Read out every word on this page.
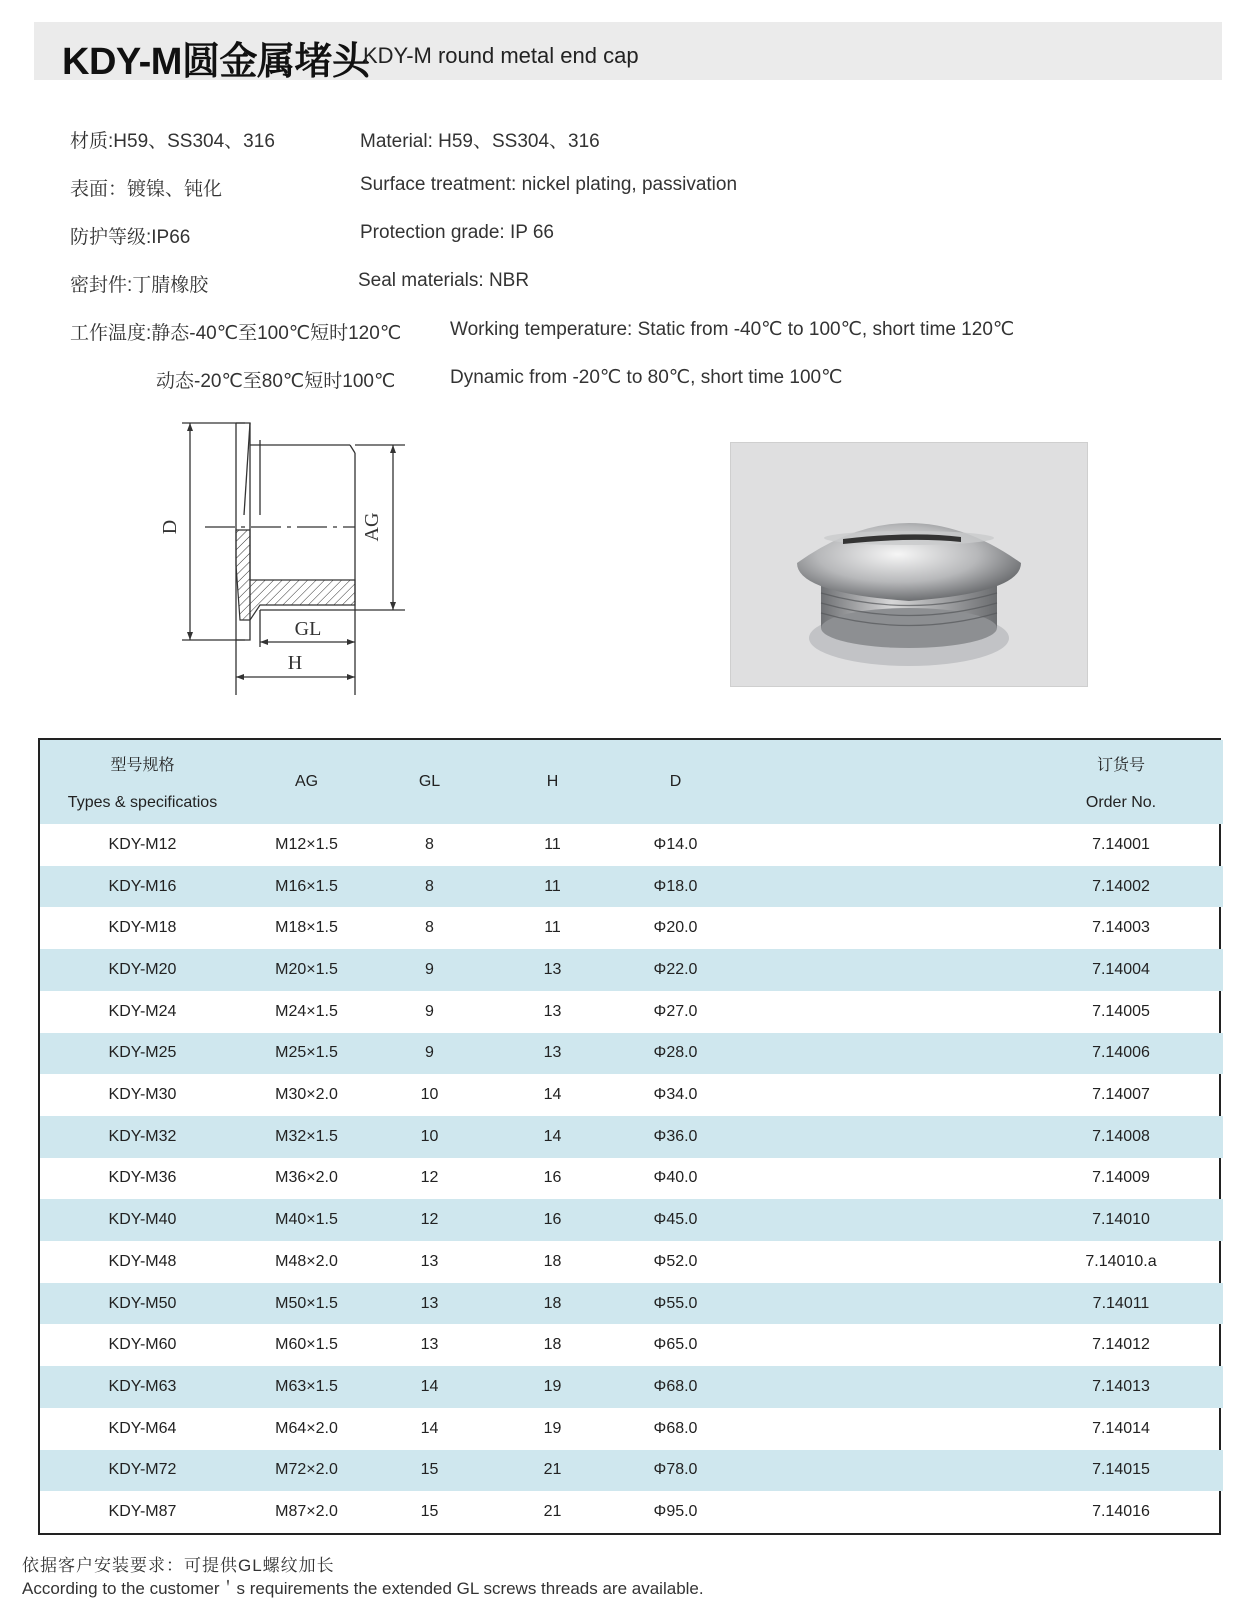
KDY-M圆金属堵头
KDY-M round metal end cap
材质:H59、SS304、316	Material: H59、SS304、316
表面：镀镍、钝化	Surface treatment: nickel plating, passivation
防护等级:IP66	Protection grade: IP 66
密封件:丁腈橡胶	Seal materials: NBR
工作温度:静态-40℃至100℃短时120℃	Working temperature: Static from -40℃ to 100℃, short time 120℃
动态-20℃至80℃短时100℃	Dynamic from -20℃ to 80℃, short time 100℃
D	AG
GL
H
型号规格
Types & specificatios	AG	GL	H	D		订货号
Order No.

KDY-M12	M12×1.5	8	11	Φ14.0		7.14001
KDY-M16	M16×1.5	8	11	Φ18.0		7.14002
KDY-M18	M18×1.5	8	11	Φ20.0		7.14003
KDY-M20	M20×1.5	9	13	Φ22.0		7.14004
KDY-M24	M24×1.5	9	13	Φ27.0		7.14005
KDY-M25	M25×1.5	9	13	Φ28.0		7.14006
KDY-M30	M30×2.0	10	14	Φ34.0		7.14007
KDY-M32	M32×1.5	10	14	Φ36.0		7.14008
KDY-M36	M36×2.0	12	16	Φ40.0		7.14009
KDY-M40	M40×1.5	12	16	Φ45.0		7.14010
KDY-M48	M48×2.0	13	18	Φ52.0		7.14010.a
KDY-M50	M50×1.5	13	18	Φ55.0		7.14011
KDY-M60	M60×1.5	13	18	Φ65.0		7.14012
KDY-M63	M63×1.5	14	19	Φ68.0		7.14013
KDY-M64	M64×2.0	14	19	Φ68.0		7.14014
KDY-M72	M72×2.0	15	21	Φ78.0		7.14015
KDY-M87	M87×2.0	15	21	Φ95.0		7.14016
依据客户安装要求：可提供GL螺纹加长
According to the customer＇s requirements the extended GL screws threads are available.
